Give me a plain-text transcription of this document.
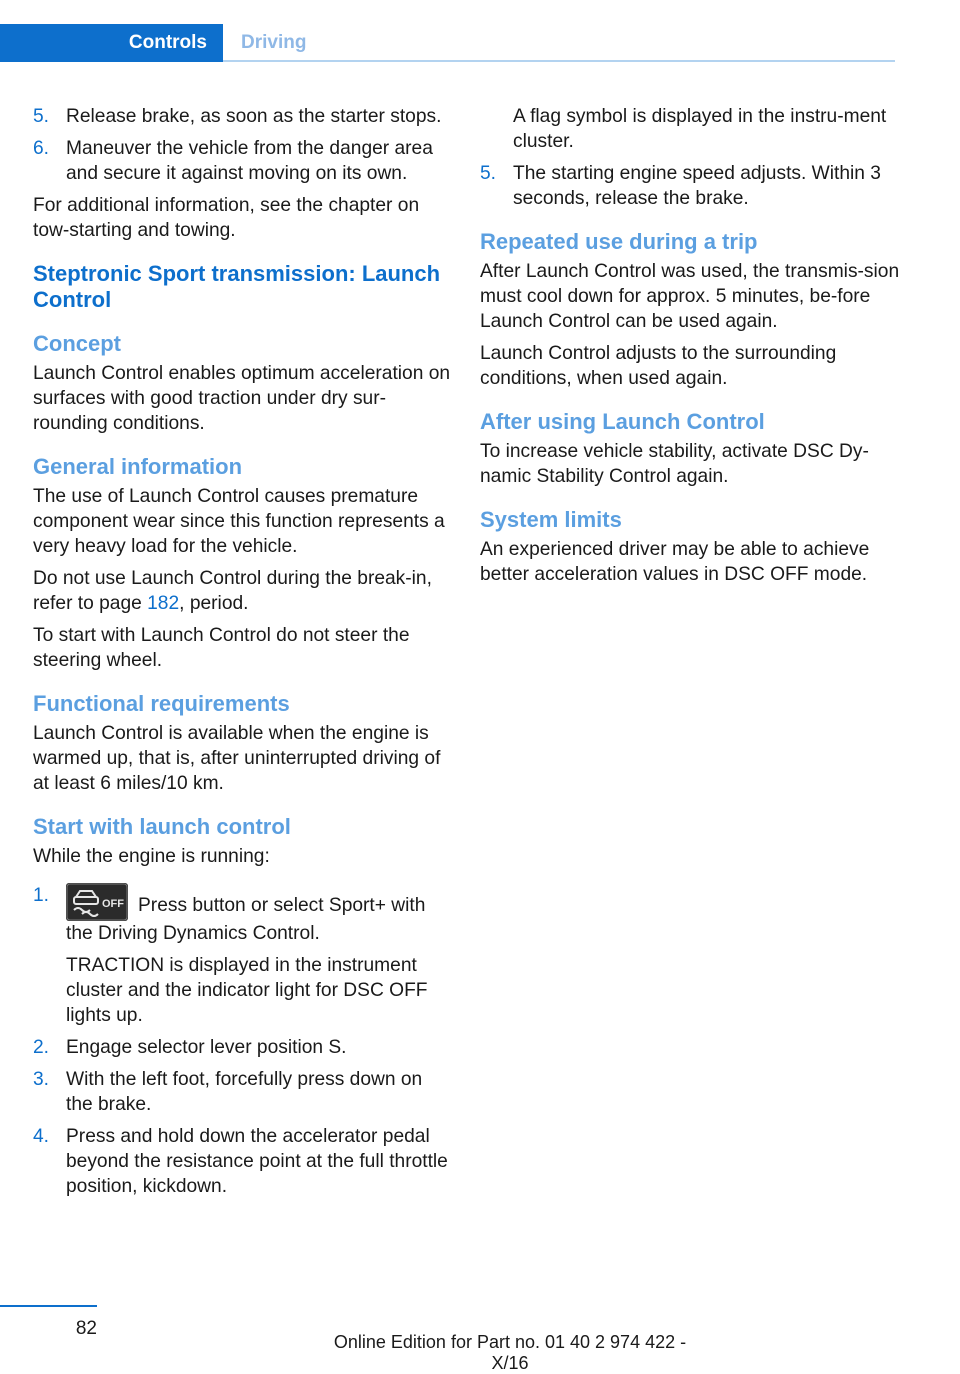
Controls	Driving
5. Release brake, as soon as the starter stops.
6. Maneuver the vehicle from the danger area and secure it against moving on its own.

For additional information, see the chapter on tow-starting and towing.

Steptronic Sport transmission: Launch Control
Concept

Launch Control enables optimum acceleration on surfaces with good traction under dry sur‐rounding conditions.

General information

The use of Launch Control causes premature component wear since this function represents a very heavy load for the vehicle.

Do not use Launch Control during the break-in, refer to page 182, period.

To start with Launch Control do not steer the steering wheel.

Functional requirements

Launch Control is available when the engine is warmed up, that is, after uninterrupted driving of at least 6 miles/10 km.

Start with launch control

While the engine is running:

1.	OFF Press button or select Sport+ with the Driving Dynamics Control.

TRACTION is displayed in the instrument cluster and the indicator light for DSC OFF lights up.

2. Engage selector lever position S.
3. With the left foot, forcefully press down on the brake.
4. Press and hold down the accelerator pedal beyond the resistance point at the full throttle position, kickdown.

A flag symbol is displayed in the instru‐ment cluster.

5. The starting engine speed adjusts. Within 3 seconds, release the brake.
Repeated use during a trip

After Launch Control was used, the transmis‐sion must cool down for approx. 5 minutes, be‐fore Launch Control can be used again.

Launch Control adjusts to the surrounding conditions, when used again.

After using Launch Control

To increase vehicle stability, activate DSC Dy‐namic Stability Control again.

System limits

An experienced driver may be able to achieve better acceleration values in DSC OFF mode.

82
Online Edition for Part no. 01 40 2 974 422 - X/16
